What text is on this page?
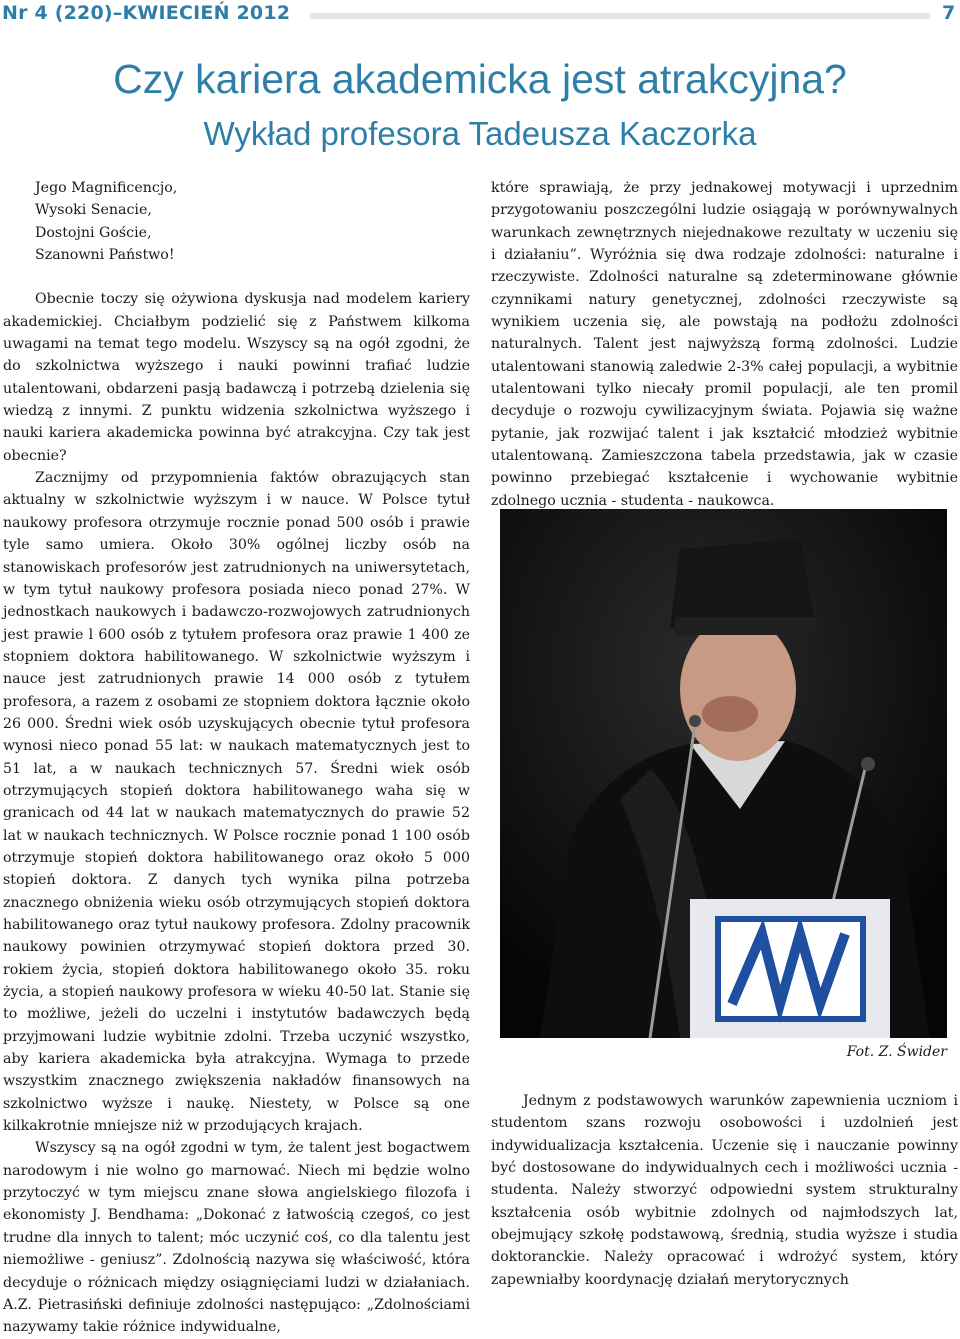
Nr 4 (220)–KWIECIEŃ 2012	7
Czy kariera akademicka jest atrakcyjna?
Wykład profesora Tadeusza Kaczorka

Jego Magnificencjo,

Wysoki Senacie,

Dostojni Goście,

Szanowni Państwo!

Obecnie toczy się ożywiona dyskusja nad modelem kariery akademickiej. Chciałbym podzielić się z Państwem kilkoma uwagami na temat tego modelu. Wszyscy są na ogół zgodni, że do szkolnictwa wyższego i nauki powinni trafiać ludzie utalentowani, obdarzeni pasją badawczą i potrzebą dzielenia się wiedzą z innymi. Z punktu widzenia szkolnictwa wyższego i nauki kariera akademicka powinna być atrakcyjna. Czy tak jest obecnie?

Zacznijmy od przypomnienia faktów obrazujących stan aktualny w szkolnictwie wyższym i w nauce. W Polsce tytuł naukowy profesora otrzymuje rocznie ponad 500 osób i prawie tyle samo umiera. Około 30% ogólnej liczby osób na stanowiskach profesorów jest zatrudnionych na uniwersytetach, w tym tytuł naukowy profesora posiada nieco ponad 27%. W jednostkach naukowych i badawczo-rozwojowych zatrudnionych jest prawie l 600 osób z tytułem profesora oraz prawie 1 400 ze stopniem doktora habilitowanego. W szkolnictwie wyższym i nauce jest zatrudnionych prawie 14 000 osób z tytułem profesora, a razem z osobami ze stopniem doktora łącznie około 26 000. Średni wiek osób uzyskujących obecnie tytuł profesora wynosi nieco ponad 55 lat: w naukach matematycznych jest to 51 lat, a w naukach technicznych 57. Średni wiek osób otrzymujących stopień doktora habilitowanego waha się w granicach od 44 lat w naukach matematycznych do prawie 52 lat w naukach technicznych. W Polsce rocznie ponad 1 100 osób otrzymuje stopień doktora habilitowanego oraz około 5 000 stopień doktora. Z danych tych wynika pilna potrzeba znacznego obniżenia wieku osób otrzymujących stopień doktora habilitowanego oraz tytuł naukowy profesora. Zdolny pracownik naukowy powinien otrzymywać stopień doktora przed 30. rokiem życia, stopień doktora habilitowanego około 35. roku życia, a stopień naukowy profesora w wieku 40-50 lat. Stanie się to możliwe, jeżeli do uczelni i instytutów badawczych będą przyjmowani ludzie wybitnie zdolni. Trzeba uczynić wszystko, aby kariera akademicka była atrakcyjna. Wymaga to przede wszystkim znacznego zwiększenia nakładów finansowych na szkolnictwo wyższe i naukę. Niestety, w Polsce są one kilkakrotnie mniejsze niż w przodujących krajach.

Wszyscy są na ogół zgodni w tym, że talent jest bogactwem narodowym i nie wolno go marnować. Niech mi będzie wolno przytoczyć w tym miejscu znane słowa angielskiego filozofa i ekonomisty J. Bendhama: „Dokonać z łatwością czegoś, co jest trudne dla innych to talent; móc uczynić coś, co dla talentu jest niemożliwe - geniusz”. Zdolnością nazywa się właściwość, która decyduje o różnicach między osiągnięciami ludzi w działaniach. A.Z. Pietrasiński definiuje zdolności następująco: „Zdolnościami nazywamy takie różnice indywidualne,

które sprawiają, że przy jednakowej motywacji i uprzednim przygotowaniu poszczególni ludzie osiągają w porównywalnych warunkach zewnętrznych niejednakowe rezultaty w uczeniu się i działaniu”. Wyróżnia się dwa rodzaje zdolności: naturalne i rzeczywiste. Zdolności naturalne są zdeterminowane głównie czynnikami natury genetycznej, zdolności rzeczywiste są wynikiem uczenia się, ale powstają na podłożu zdolności naturalnych. Talent jest najwyższą formą zdolności. Ludzie utalentowani stanowią zaledwie 2-3% całej populacji, a wybitnie utalentowani tylko niecały promil populacji, ale ten promil decyduje o rozwoju cywilizacyjnym świata. Pojawia się ważne pytanie, jak rozwijać talent i jak kształcić młodzież wybitnie utalentowaną. Zamieszczona tabela przedstawia, jak w czasie powinno przebiegać kształcenie i wychowanie wybitnie zdolnego ucznia - studenta - naukowca.

Fot. Z. Świder

Jednym z podstawowych warunków zapewnienia uczniom i studentom szans rozwoju osobowości i uzdolnień jest indywidualizacja kształcenia. Uczenie się i nauczanie powinny być dostosowane do indywidualnych cech i możliwości ucznia - studenta. Należy stworzyć odpowiedni system strukturalny kształcenia osób wybitnie zdolnych od najmłodszych lat, obejmujący szkołę podstawową, średnią, studia wyższe i studia doktoranckie. Należy opracować i wdrożyć system, który zapewniałby koordynację działań merytorycznych
